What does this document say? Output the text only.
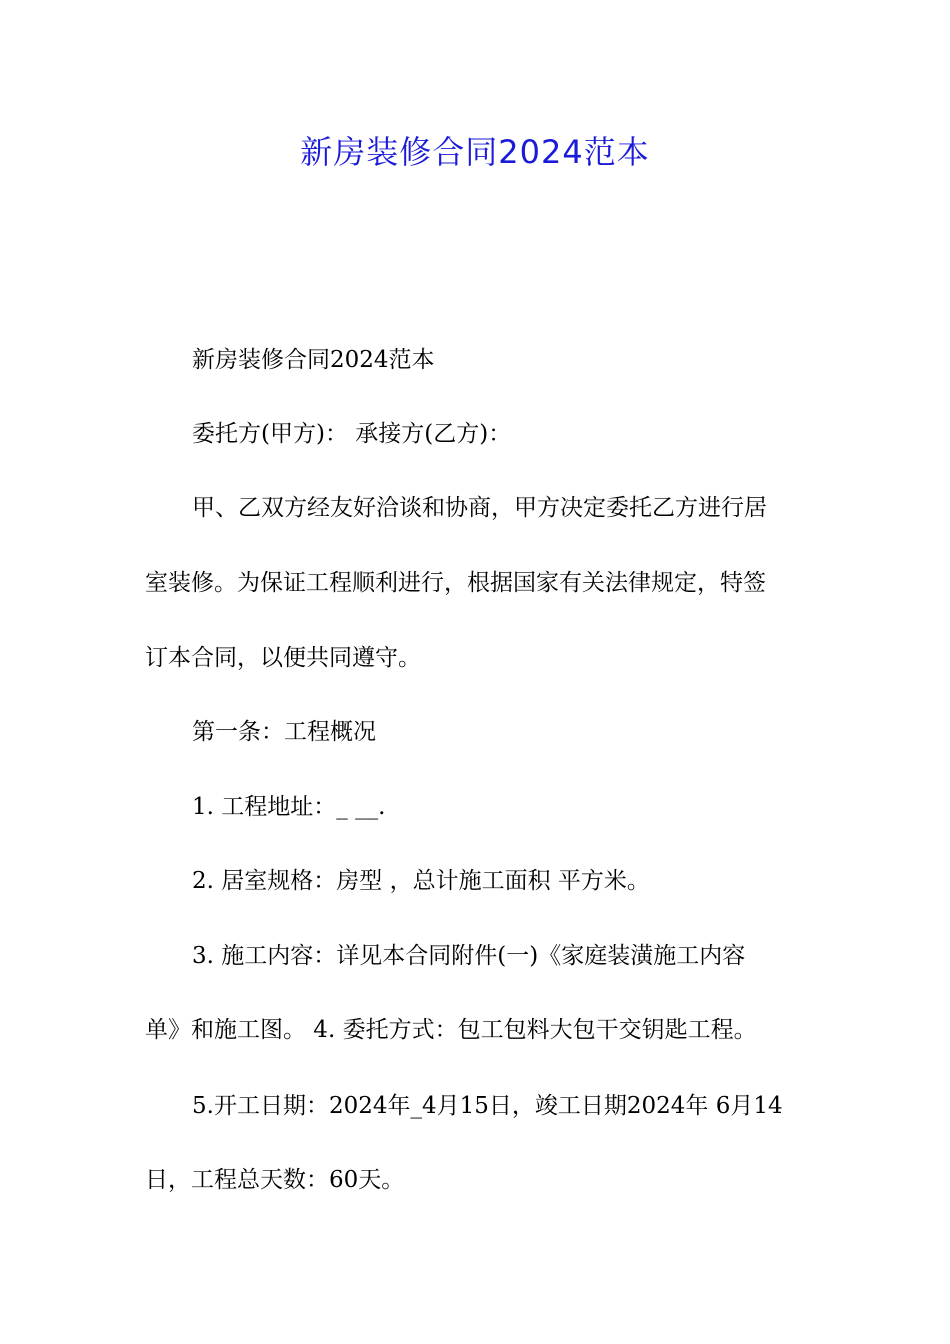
新房装修合同2024范本

新房装修合同2024范本

委托方(甲方)： 承接方(乙方)：

甲、乙双方经友好洽谈和协商，甲方决定委托乙方进行居

室装修。为保证工程顺利进行，根据国家有关法律规定，特签

订本合同，以便共同遵守。

第一条：工程概况

1. 工程地址：_ __.

2. 居室规格：房型 ，总计施工面积 平方米。

3. 施工内容：详见本合同附件(一)《家庭装潢施工内容

单》和施工图。 4. 委托方式：包工包料大包干交钥匙工程。

5.开工日期：2024年_4月15日，竣工日期2024年 6月14

日，工程总天数：60天。
